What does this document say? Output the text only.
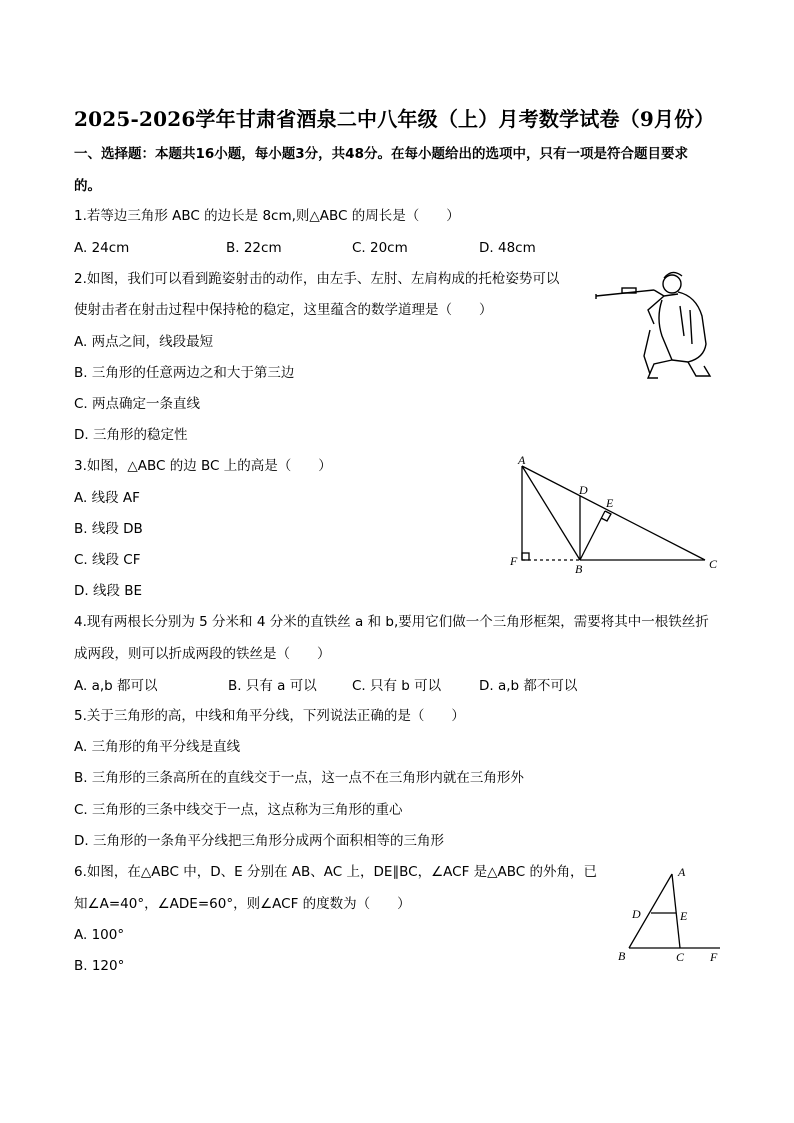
2025-2026学年甘肃省酒泉二中八年级（上）月考数学试卷（9月份）
一、选择题：本题共16小题，每小题3分，共48分。在每小题给出的选项中，只有一项是符合题目要求
的。
1.若等边三角形 ABC 的边长是 8cm,则△ABC 的周长是（　　）
A. 24cm	B. 22cm	C. 20cm	D. 48cm
2.如图，我们可以看到跪姿射击的动作，由左手、左肘、左肩构成的托枪姿势可以
使射击者在射击过程中保持枪的稳定，这里蕴含的数学道理是（　　）
A. 两点之间，线段最短
B. 三角形的任意两边之和大于第三边
C. 两点确定一条直线
D. 三角形的稳定性
3.如图，△ABC 的边 BC 上的高是（　　）
A. 线段 AF
B. 线段 DB
C. 线段 CF
D. 线段 BE
A
D
E
F
B	C
4.现有两根长分别为 5 分米和 4 分米的直铁丝 a 和 b,要用它们做一个三角形框架，需要将其中一根铁丝折
成两段，则可以折成两段的铁丝是（　　）
A. a,b 都可以	B. 只有 a 可以	C. 只有 b 可以	D. a,b 都不可以
5.关于三角形的高，中线和角平分线，下列说法正确的是（　　）
A. 三角形的角平分线是直线
B. 三角形的三条高所在的直线交于一点，这一点不在三角形内就在三角形外
C. 三角形的三条中线交于一点，这点称为三角形的重心
D. 三角形的一条角平分线把三角形分成两个面积相等的三角形
6.如图，在△ABC 中，D、E 分别在 AB、AC 上，DE∥BC，∠ACF 是△ABC 的外角，已
知∠A=40°，∠ADE=60°，则∠ACF 的度数为（　　）
A. 100°
B. 120°
A
D	E
B	C F
